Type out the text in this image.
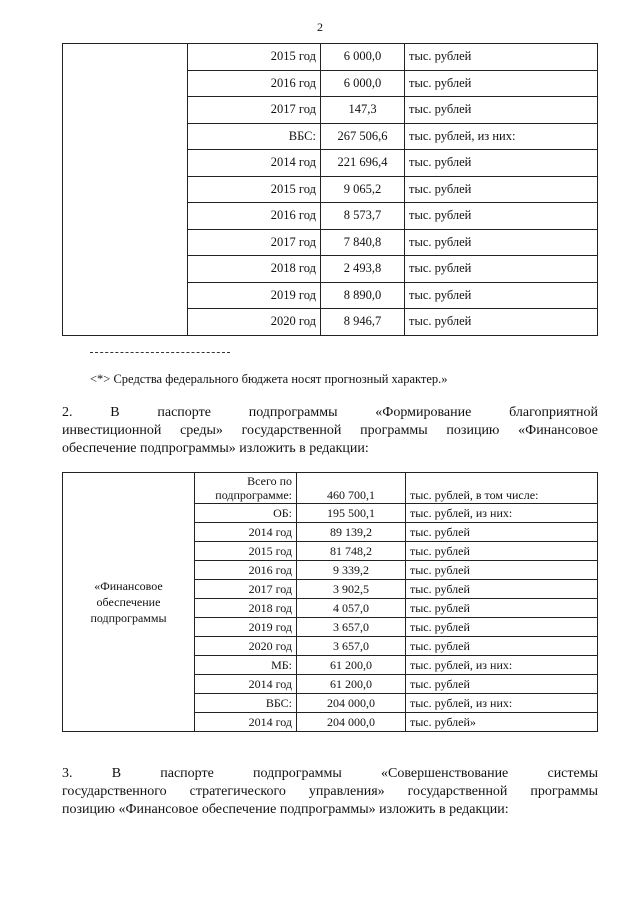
2
	2015 год	6 000,0	тыс. рублей
	2016 год	6 000,0	тыс. рублей
	2017 год	147,3	тыс. рублей
	ВБС:	267 506,6	тыс. рублей, из них:
	2014 год	221 696,4	тыс. рублей
	2015 год	9 065,2	тыс. рублей
	2016 год	8 573,7	тыс. рублей
	2017 год	7 840,8	тыс. рублей
	2018 год	2 493,8	тыс. рублей
	2019 год	8 890,0	тыс. рублей
	2020 год	8 946,7	тыс. рублей
<*> Средства федерального бюджета носят прогнозный характер.»
2. В паспорте подпрограммы «Формирование благоприятной
инвестиционной среды» государственной программы позицию «Финансовое
обеспечение подпрограммы» изложить в редакции:
«Финансовое обеспечение подпрограммы	Всего по подпрограмме:	460 700,1	тыс. рублей, в том числе:
	ОБ:	195 500,1	тыс. рублей, из них:
	2014 год	89 139,2	тыс. рублей
	2015 год	81 748,2	тыс. рублей
	2016 год	9 339,2	тыс. рублей
	2017 год	3 902,5	тыс. рублей
	2018 год	4 057,0	тыс. рублей
	2019 год	3 657,0	тыс. рублей
	2020 год	3 657,0	тыс. рублей
	МБ:	61 200,0	тыс. рублей, из них:
	2014 год	61 200,0	тыс. рублей
	ВБС:	204 000,0	тыс. рублей, из них:
	2014 год	204 000,0	тыс. рублей»
3. В паспорте подпрограммы «Совершенствование системы
государственного стратегического управления» государственной программы
позицию «Финансовое обеспечение подпрограммы» изложить в редакции:
